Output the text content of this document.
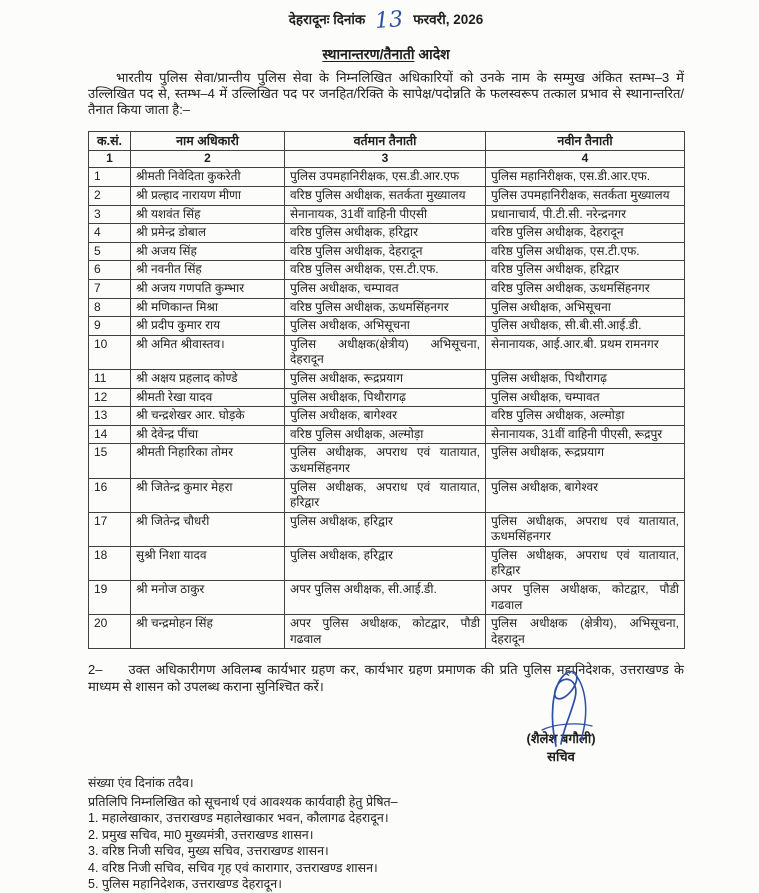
देहरादूनः दिनांक 13 फरवरी, 2026
स्थानान्तरण/तैनाती आदेश

भारतीय पुलिस सेवा/प्रान्तीय पुलिस सेवा के निम्नलिखित अधिकारियों को उनके नाम के सम्मुख अंकित स्तम्भ–3 में उल्लिखित पद से, स्तम्भ–4 में उल्लिखित पद पर जनहित/रिक्ति के सापेक्ष/पदोन्नति के फलस्वरूप तत्काल प्रभाव से स्थानान्तरित/तैनात किया जाता है:–

क.सं.	नाम अधिकारी	वर्तमान तैनाती	नवीन तैनाती
1	2	3	4
1	श्रीमती निवेदिता कुकरेती	पुलिस उपमहानिरीक्षक, एस.डी.आर.एफ	पुलिस महानिरीक्षक, एस.डी.आर.एफ.
2	श्री प्रल्हाद नारायण मीणा	वरिष्ठ पुलिस अधीक्षक, सतर्कता मुख्यालय	पुलिस उपमहानिरीक्षक, सतर्कता मुख्यालय
3	श्री यशवंत सिंह	सेनानायक, 31वीं वाहिनी पीएसी	प्रधानाचार्य, पी.टी.सी. नरेन्द्रनगर
4	श्री प्रमेन्द्र डोबाल	वरिष्ठ पुलिस अधीक्षक, हरिद्वार	वरिष्ठ पुलिस अधीक्षक, देहरादून
5	श्री अजय सिंह	वरिष्ठ पुलिस अधीक्षक, देहरादून	वरिष्ठ पुलिस अधीक्षक, एस.टी.एफ.
6	श्री नवनीत सिंह	वरिष्ठ पुलिस अधीक्षक, एस.टी.एफ.	वरिष्ठ पुलिस अधीक्षक, हरिद्वार
7	श्री अजय गणपति कुम्भार	पुलिस अधीक्षक, चम्पावत	वरिष्ठ पुलिस अधीक्षक, ऊधमसिंहनगर
8	श्री मणिकान्त मिश्रा	वरिष्ठ पुलिस अधीक्षक, ऊधमसिंहनगर	पुलिस अधीक्षक, अभिसूचना
9	श्री प्रदीप कुमार राय	पुलिस अधीक्षक, अभिसूचना	पुलिस अधीक्षक, सी.बी.सी.आई.डी.
10	श्री अमित श्रीवास्तव।	पुलिस अधीक्षक(क्षेत्रीय) अभिसूचना, देहरादून	सेनानायक, आई.आर.बी. प्रथम रामनगर
11	श्री अक्षय प्रहलाद कोण्डे	पुलिस अधीक्षक, रूद्रप्रयाग	पुलिस अधीक्षक, पिथौरागढ़
12	श्रीमती रेखा यादव	पुलिस अधीक्षक, पिथौरागढ़	पुलिस अधीक्षक, चम्पावत
13	श्री चन्द्रशेखर आर. घोड़के	पुलिस अधीक्षक, बागेश्वर	वरिष्ठ पुलिस अधीक्षक, अल्मोड़ा
14	श्री देवेन्द्र पींचा	वरिष्ठ पुलिस अधीक्षक, अल्मोड़ा	सेनानायक, 31वीं वाहिनी पीएसी, रूद्रपुर
15	श्रीमती निहारिका तोमर	पुलिस अधीक्षक, अपराध एवं यातायात, ऊधमसिंहनगर	पुलिस अधीक्षक, रूद्रप्रयाग
16	श्री जितेन्द्र कुमार मेहरा	पुलिस अधीक्षक, अपराध एवं यातायात, हरिद्वार	पुलिस अधीक्षक, बागेश्वर
17	श्री जितेन्द्र चौधरी	पुलिस अधीक्षक, हरिद्वार	पुलिस अधीक्षक, अपराध एवं यातायात, ऊधमसिंहनगर
18	सुश्री निशा यादव	पुलिस अधीक्षक, हरिद्वार	पुलिस अधीक्षक, अपराध एवं यातायात, हरिद्वार
19	श्री मनोज ठाकुर	अपर पुलिस अधीक्षक, सी.आई.डी.	अपर पुलिस अधीक्षक, कोटद्वार, पौडी गढवाल
20	श्री चन्द्रमोहन सिंह	अपर पुलिस अधीक्षक, कोटद्वार, पौडी गढवाल	पुलिस अधीक्षक (क्षेत्रीय), अभिसूचना, देहरादून

2– उक्त अधिकारीगण अविलम्ब कार्यभार ग्रहण कर, कार्यभार ग्रहण प्रमाणक की प्रति पुलिस महानिदेशक, उत्तराखण्ड के माध्यम से शासन को उपलब्ध कराना सुनिश्चित करें।

(शैलेश बगौली)
सचिव
संख्या एंव दिनांक तदैव।
प्रतिलिपि निम्नलिखित को सूचनार्थ एवं आवश्यक कार्यवाही हेतु प्रेषित–
1. महालेखाकार, उत्तराखण्ड महालेखाकार भवन, कौलागढ देहरादून।
2. प्रमुख सचिव, मा0 मुख्यमंत्री, उत्तराखण्ड शासन।
3. वरिष्ठ निजी सचिव, मुख्य सचिव, उत्तराखण्ड शासन।
4. वरिष्ठ निजी सचिव, सचिव गृह एवं कारागार, उत्तराखण्ड शासन।
5. पुलिस महानिदेशक, उत्तराखण्ड देहरादून।
